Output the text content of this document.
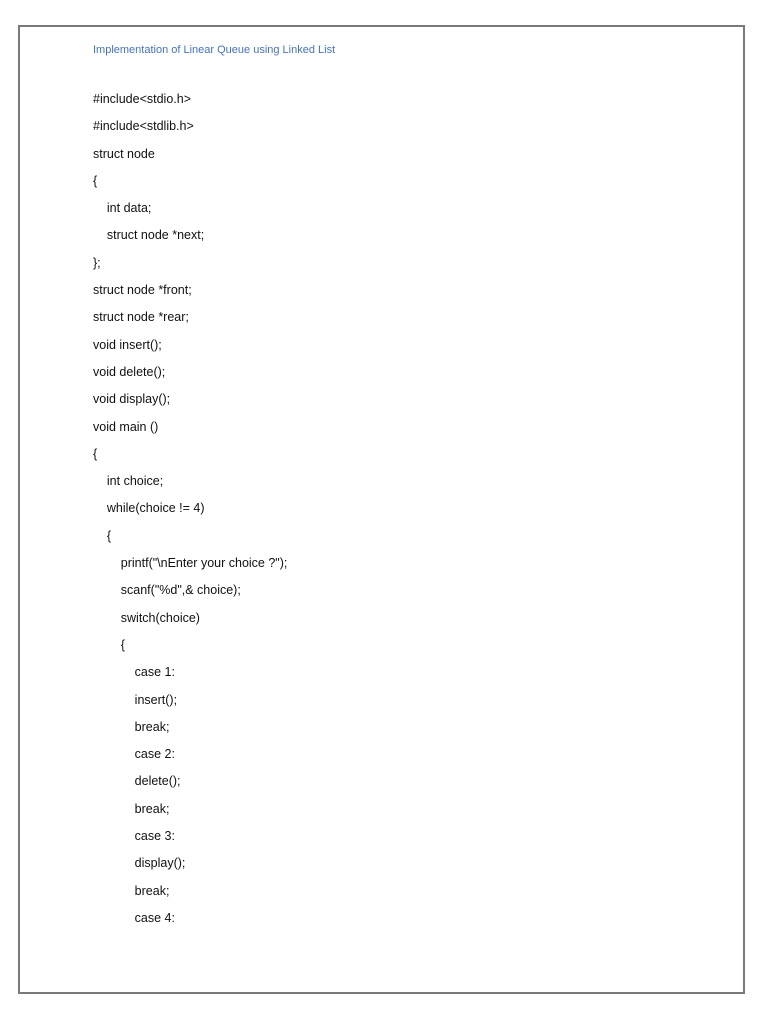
Implementation of Linear Queue using Linked List
#include<stdio.h>
#include<stdlib.h>
struct node
{
int data;
struct node *next;
};
struct node *front;
struct node *rear;
void insert();
void delete();
void display();
void main ()
{
int choice;
while(choice != 4)
{
printf("\nEnter your choice ?");
scanf("%d",& choice);
switch(choice)
{
case 1:
insert();
break;
case 2:
delete();
break;
case 3:
display();
break;
case 4:
